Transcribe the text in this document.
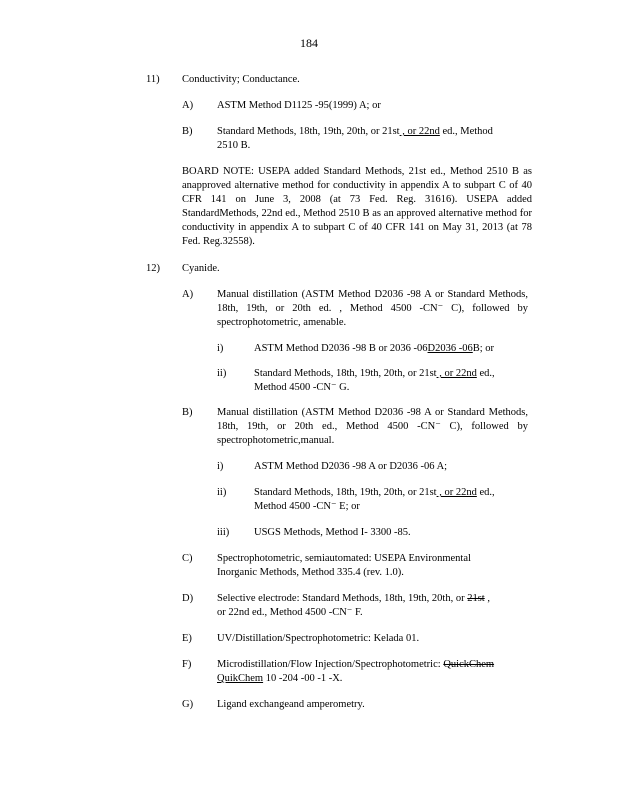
184
11) Conductivity; Conductance.
A) ASTM Method D1125 -95(1999) A; or
B) Standard Methods, 18th, 19th, 20th, or 21st , or 22nd ed., Method
2510 B.
BOARD NOTE: USEPA added Standard Methods, 21st ed., Method 2510 B as anapproved alternative method for conductivity in appendix A to subpart C of 40 CFR 141 on June 3, 2008 (at 73 Fed. Reg. 31616). USEPA added StandardMethods, 22nd ed., Method 2510 B as an approved alternative method for conductivity in appendix A to subpart C of 40 CFR 141 on May 31, 2013 (at 78 Fed. Reg.32558).
12) Cyanide.
A) Manual distillation (ASTM Method D2036 -98 A or Standard Methods, 18th, 19th, or 20th ed. , Method 4500 -CN⁻ C), followed by spectrophotometric, amenable.
i)	ASTM Method D2036 -98 B or 2036 -06D2036 -06B; or
ii)	Standard Methods, 18th, 19th, 20th, or 21st , or 22nd ed.,
Method 4500 -CN⁻ G.
B) Manual distillation (ASTM Method D2036 -98 A or Standard Methods, 18th, 19th, or 20th ed., Method 4500 -CN⁻ C), followed by spectrophotometric,manual.
i)	ASTM Method D2036 -98 A or D2036 -06 A;
ii)	Standard Methods, 18th, 19th, 20th, or 21st , or 22nd ed.,
Method 4500 -CN⁻ E; or
iii) USGS Methods, Method I- 3300 -85.
C) Spectrophotometric, semiautomated: USEPA Environmental
Inorganic Methods, Method 335.4 (rev. 1.0).
D) Selective electrode: Standard Methods, 18th, 19th, 20th, or 21st ,
or 22nd ed., Method 4500 -CN⁻ F.
E) UV/Distillation/Spectrophotometric: Kelada 01.
F) Microdistillation/Flow Injection/Spectrophotometric: QuickChem
QuikChem 10 -204 -00 -1 -X.
G) Ligand exchangeand amperometry.
